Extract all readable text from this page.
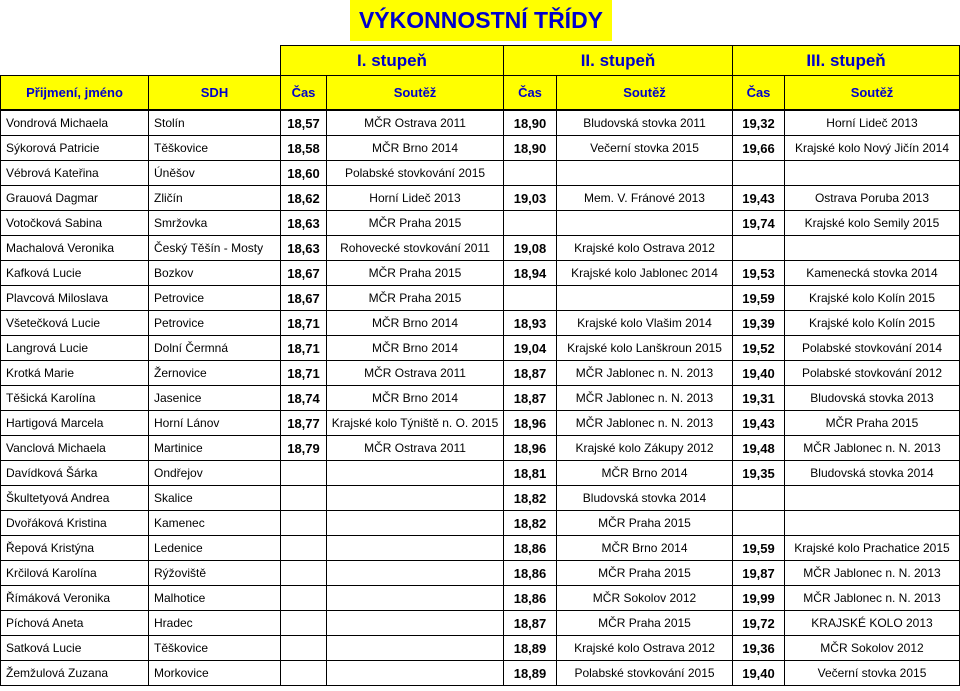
VÝKONNOSTNÍ TŘÍDY
		I. stupeň		II. stupeň		III. stupeň	
Přijmení, jméno	SDH	Čas	Soutěž	Čas	Soutěž	Čas	Soutěž
Vondrová Michaela	Stolín	18,57	MČR Ostrava 2011	18,90	Bludovská stovka 2011	19,32	Horní Lideč 2013
Sýkorová Patricie	Těškovice	18,58	MČR Brno 2014	18,90	Večerní stovka 2015	19,66	Krajské kolo Nový Jičín 2014
Vébrová Kateřina	Úněšov	18,60	Polabské stovkování 2015				
Grauová Dagmar	Zličín	18,62	Horní Lideč 2013	19,03	Mem. V. Fránové 2013	19,43	Ostrava Poruba 2013
Votočková Sabina	Smržovka	18,63	MČR Praha 2015			19,74	Krajské kolo Semily 2015
Machalová Veronika	Český Těšín - Mosty	18,63	Rohovecké stovkování 2011	19,08	Krajské kolo Ostrava 2012		
Kafková Lucie	Bozkov	18,67	MČR Praha 2015	18,94	Krajské kolo Jablonec 2014	19,53	Kamenecká stovka 2014
Plavcová Miloslava	Petrovice	18,67	MČR Praha 2015			19,59	Krajské kolo Kolín 2015
Všetečková Lucie	Petrovice	18,71	MČR Brno 2014	18,93	Krajské kolo Vlašim 2014	19,39	Krajské kolo Kolín 2015
Langrová Lucie	Dolní Čermná	18,71	MČR Brno 2014	19,04	Krajské kolo Lanškroun 2015	19,52	Polabské stovkování 2014
Krotká Marie	Žernovice	18,71	MČR Ostrava 2011	18,87	MČR Jablonec n. N. 2013	19,40	Polabské stovkování 2012
Těšická Karolína	Jasenice	18,74	MČR Brno 2014	18,87	MČR Jablonec n. N. 2013	19,31	Bludovská stovka 2013
Hartigová Marcela	Horní Lánov	18,77	Krajské kolo Týniště n. O. 2015	18,96	MČR Jablonec n. N. 2013	19,43	MČR Praha 2015
Vanclová Michaela	Martinice	18,79	MČR Ostrava 2011	18,96	Krajské kolo Zákupy 2012	19,48	MČR Jablonec n. N. 2013
Davídková Šárka	Ondřejov			18,81	MČR Brno 2014	19,35	Bludovská stovka 2014
Škultetyová Andrea	Skalice			18,82	Bludovská stovka 2014		
Dvořáková Kristina	Kamenec			18,82	MČR Praha 2015		
Řepová Kristýna	Ledenice			18,86	MČR Brno 2014	19,59	Krajské kolo Prachatice 2015
Krčilová Karolína	Rýžoviště			18,86	MČR Praha 2015	19,87	MČR Jablonec n. N. 2013
Římáková Veronika	Malhotice			18,86	MČR Sokolov 2012	19,99	MČR Jablonec n. N. 2013
Píchová Aneta	Hradec			18,87	MČR Praha 2015	19,72	KRAJSKÉ KOLO 2013
Satková Lucie	Těškovice			18,89	Krajské kolo Ostrava 2012	19,36	MČR Sokolov 2012
Žemžulová Zuzana	Morkovice			18,89	Polabské stovkování 2015	19,40	Večerní stovka 2015
